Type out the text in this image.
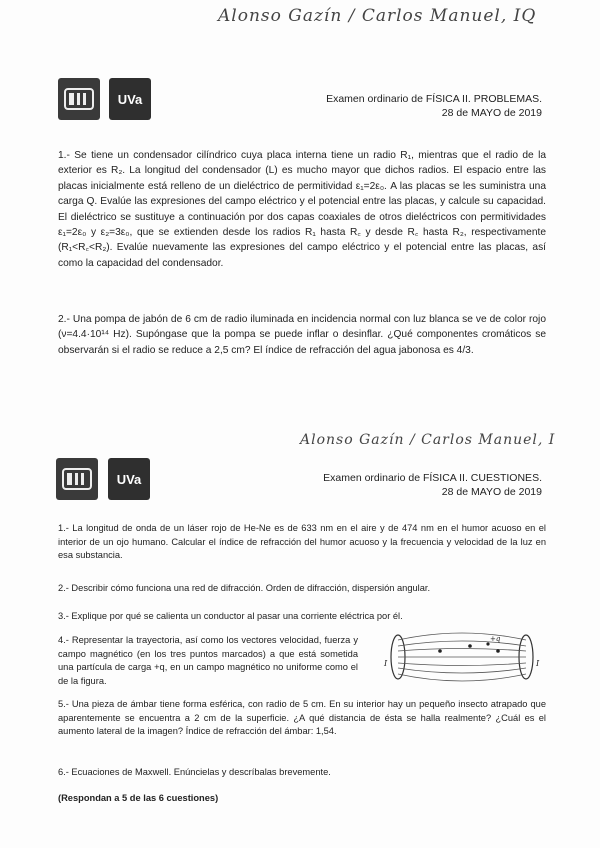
Alonso Gazín / Carlos Manuel, IQ
UVa	Examen ordinario de FÍSICA II. PROBLEMAS.
28 de MAYO de 2019
1.- Se tiene un condensador cilíndrico cuya placa interna tiene un radio R₁, mientras que el radio de la exterior es R₂. La longitud del condensador (L) es mucho mayor que dichos radios. El espacio entre las placas inicialmente está relleno de un dieléctrico de permitividad ε₁=2ε₀. A las placas se les suministra una carga Q. Evalúe las expresiones del campo eléctrico y el potencial entre las placas, y calcule su capacidad. El dieléctrico se sustituye a continuación por dos capas coaxiales de otros dieléctricos con permitividades ε₁=2ε₀ y ε₂=3ε₀, que se extienden desde los radios R₁ hasta R꜀ y desde R꜀ hasta R₂, respectivamente (R₁<R꜀<R₂). Evalúe nuevamente las expresiones del campo eléctrico y el potencial entre las placas, así como la capacidad del condensador.
2.- Una pompa de jabón de 6 cm de radio iluminada en incidencia normal con luz blanca se ve de color rojo (ν=4.4·10¹⁴ Hz). Supóngase que la pompa se puede inflar o desinflar. ¿Qué componentes cromáticos se observarán si el radio se reduce a 2,5 cm? El índice de refracción del agua jabonosa es 4/3.
Alonso Gazín / Carlos Manuel, I
UVa	Examen ordinario de FÍSICA II. CUESTIONES.
28 de MAYO de 2019
1.- La longitud de onda de un láser rojo de He-Ne es de 633 nm en el aire y de 474 nm en el humor acuoso en el interior de un ojo humano. Calcular el índice de refracción del humor acuoso y la frecuencia y velocidad de la luz en esa substancia.
2.- Describir cómo funciona una red de difracción. Orden de difracción, dispersión angular.
3.- Explique por qué se calienta un conductor al pasar una corriente eléctrica por él.
4.- Representar la trayectoria, así como los vectores velocidad, fuerza y campo magnético (en los tres puntos marcados) a que está sometida una partícula de carga +q, en un campo magnético no uniforme como el de la figura.
+q
I	I
5.- Una pieza de ámbar tiene forma esférica, con radio de 5 cm. En su interior hay un pequeño insecto atrapado que aparentemente se encuentra a 2 cm de la superficie. ¿A qué distancia de ésta se halla realmente? ¿Cuál es el aumento lateral de la imagen? Índice de refracción del ámbar: 1,54.
6.- Ecuaciones de Maxwell. Enúncielas y descríbalas brevemente.
(Respondan a 5 de las 6 cuestiones)
